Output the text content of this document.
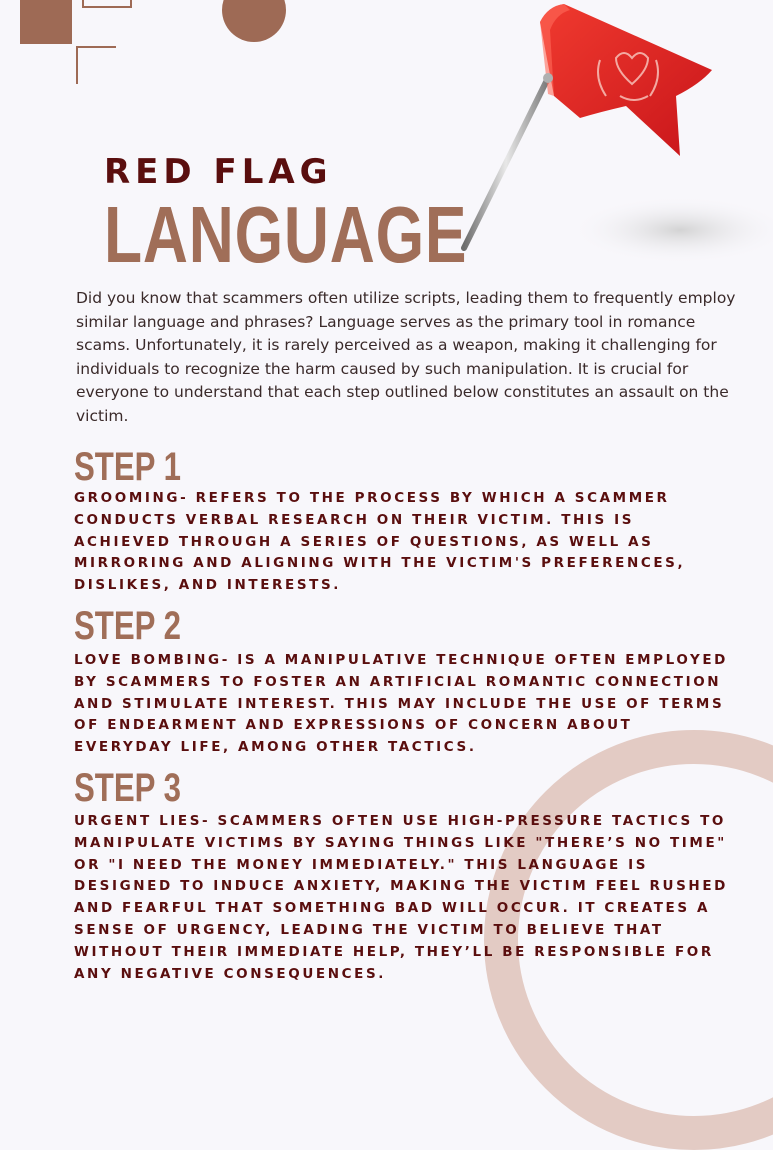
RED FLAG
LANGUAGE
Did you know that scammers often utilize scripts, leading them to frequently employ similar language and phrases? Language serves as the primary tool in romance scams. Unfortunately, it is rarely perceived as a weapon, making it challenging for individuals to recognize the harm caused by such manipulation. It is crucial for everyone to understand that each step outlined below constitutes an assault on the victim.
STEP 1
GROOMING- REFERS TO THE PROCESS BY WHICH A SCAMMER CONDUCTS VERBAL RESEARCH ON THEIR VICTIM. THIS IS ACHIEVED THROUGH A SERIES OF QUESTIONS, AS WELL AS MIRRORING AND ALIGNING WITH THE VICTIM'S PREFERENCES, DISLIKES, AND INTERESTS.
STEP 2
LOVE BOMBING- IS A MANIPULATIVE TECHNIQUE OFTEN EMPLOYED BY SCAMMERS TO FOSTER AN ARTIFICIAL ROMANTIC CONNECTION AND STIMULATE INTEREST. THIS MAY INCLUDE THE USE OF TERMS OF ENDEARMENT AND EXPRESSIONS OF CONCERN ABOUT EVERYDAY LIFE, AMONG OTHER TACTICS.
STEP 3
URGENT LIES- SCAMMERS OFTEN USE HIGH-PRESSURE TACTICS TO MANIPULATE VICTIMS BY SAYING THINGS LIKE "THERE’S NO TIME" OR "I NEED THE MONEY IMMEDIATELY." THIS LANGUAGE IS DESIGNED TO INDUCE ANXIETY, MAKING THE VICTIM FEEL RUSHED AND FEARFUL THAT SOMETHING BAD WILL OCCUR. IT CREATES A SENSE OF URGENCY, LEADING THE VICTIM TO BELIEVE THAT WITHOUT THEIR IMMEDIATE HELP, THEY’LL BE RESPONSIBLE FOR ANY NEGATIVE CONSEQUENCES.
